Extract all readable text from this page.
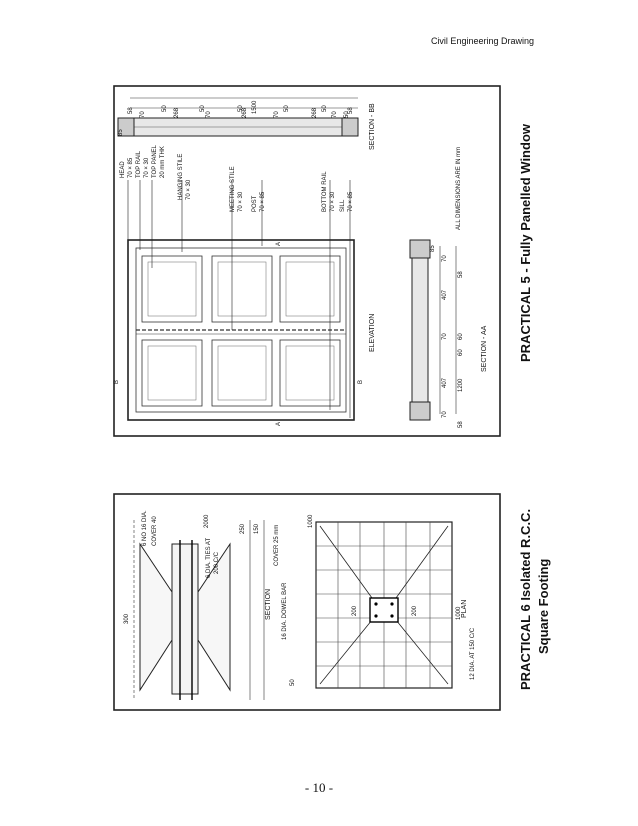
Civil Engineering Drawing
HEAD 70 × 85 TOP RAIL 70 × 30 TOP PANEL 20 mm THK HANGING STILE 70 × 30	MEETING STILE 70 × 30 POST 70 × 85	BOTTOM RAIL 70 × 30 SILL 70 × 85	ALL DIMENSIONS ARE IN mm
SECTION - BB
ELEVATION	SECTION - AA
85
58	50	50	50 1500	50	50	58
70	268	70	268	70	268 70 50
85
70
407
70 60
60
407 1200
70
58
58
A
A
B	B
PRACTICAL 5 - Fully Panelled Window
6 NO 16 DIA. COVER 40
6 DIA. TIES AT 200 C/C	COVER 25 mm
16 DIA. DOWEL BAR
SECTION	PLAN
12 DIA. AT 150 C/C
2000
250 150
300
50
1000
200	200	1000	PRACTICAL 6 Isolated R.C.C. Square Footing
- 10 -
